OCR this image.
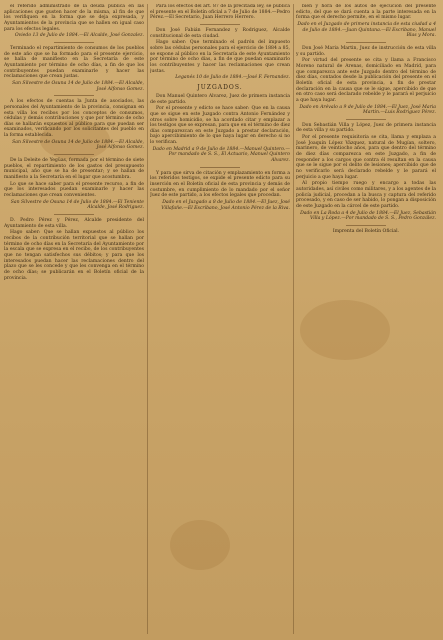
el referido administrado de la deuda pública en las aplicaciones que gusten hacer de la misma, al fin de que los verifiquen en la forma que se deja expresada, y Ayuntamientos de la provincia que se hallen en igual caso para los efectos legales.

Oviedo 13 de Julio de 1884.—El Alcalde, José Gonzalez.

Terminado el repartimiento de consumos de los pueblos de este año que se ha formado para el presente ejercicio, se halla de manifiesto en la Secretaría de este Ayuntamiento por término de ocho días, a fin de que los contribuyentes puedan examinarle y hacer las reclamaciones que crean justas.

San Silvestre de Osuna 14 de Julio de 1884.—El Alcalde, José Alfonso Gomez.

A los efectos de cuentas la Junta de asociados, las personales del Ayuntamiento de la provincia, consignan en esta villa los recibos por los conceptos de consumos, cédulas y demás contribuciones y que por término de ocho días se hallarán expuestos al público para que puedan ser examinados, verificando por los solicitantes del pueblo en la forma establecida.

San Silvestre de Osuna 14 de Julio de 1884.—El Alcalde, José Alfonso Gomez.

De la Deleite de Yegüas, formada por el término de siete pueblos, el repartimiento de los gastos del presupuesto municipal, año que se ha de presentar; y se hallan de manifiesto a la Secretaría en el lugar que acostumbra.

Lo que se hace saber para el presente recurso, a fin de que los interesados puedan examinarle y hacer las reclamaciones que crean convenientes.

San Silvestre de Osuna 14 de Julio de 1884.—El Teniente Alcalde, José Rodriguez.

D. Pedro Pérez y Pérez, Alcalde presidente del Ayuntamiento de esta villa.

Hago saber: Que se hallan expuestos al público los recibos de la contribución territorial que se hallan por término de ocho días en la Secretaría del Ayuntamiento por la escala que se expresa en el recibo, de los contribuyentes que no tengan satisfechos sus débitos; y para que los interesados puedan hacer las reclamaciones dentro del plazo que se les concede y que les convenga en el término de ocho días; se publicarán en el Boletín oficial de la provincia.

Para los efectos del art. 87 de la precitada ley, se publica el presente en el Boletín oficial a 7 de Julio de 1884.—Pedro Pérez.—El Secretario, Juan Herrero Herrero.

Don José Fabián Fernandez y Rodriguez, Alcalde constitucional de esta ciudad.

Hago saber: Que terminado el padrón del impuesto sobre las cédulas personales para el ejercicio de 1884 a 85, se expone al público en la Secretaría de este Ayuntamiento por término de ocho días, a fin de que puedan examinarlo los contribuyentes y hacer las reclamaciones que crean justas.

Leganés 10 de Julio de 1884.—José F. Fernandez.

JUZGADOS.

Don Manuel Quintero Alvarez, Juez de primera instancia de este partido.

Por el presente y edicto se hace saber: Que en la causa que se sigue en este Juzgado contra Antonio Fernández y otros sobre homicidio, se ha acordado citar y emplazar a los testigos que se expresan, para que en el término de diez días comparezcan en este Juzgado a prestar declaración, bajo apercibimiento de lo que haya lugar en derecho si no lo verifican.

Dado en Madrid a 9 de Julio de 1884.—Manuel Quintero.—Por mandado de S. S., El Actuario, Manuel Quintero Alvarez.

Y para que sirva de citación y emplazamiento en forma a los referidos testigos, se expide el presente edicto para su inserción en el Boletín oficial de esta provincia y demás de costumbre, en cumplimiento de lo mandado por el señor Juez de este partido, a los efectos legales que procedan.

Dado en el Juzgado a 8 de Julio de 1884.—El Juez, José Villafañe.—El Escribano, José Antonio Pérez de la Riva.

bien y hora de los autos de ejecución del presente edicto, del que se dará cuenta a la parte interesada en la forma que el derecho permite, en el mismo lugar.

Dado en el Juzgado de primera instancia de esta ciudad a 4 de Julio de 1884.—Juan Quintana.—El Escribano, Manuel Blas y Mora.

Don José Maria Martin, Juez de instrucción de esta villa y su partido.

Por virtud del presente se cita y llama a Francisco Moreno natural de Arenas, domiciliado en Madrid, para que comparezca ante este Juzgado dentro del término de diez días, contados desde la publicación del presente en el Boletín oficial de esta provincia, a fin de prestar declaración en la causa que se le sigue, apercibido de que en otro caso será declarado rebelde y le parará el perjuicio a que haya lugar.

Dado en Arévalo a 9 de Julio de 1884.—El Juez, José Maria Martin.—Luis Rodriguez Pérez.

Don Sebastián Villa y López, Juez de primera instancia de esta villa y su partido.

Por el presente requisitoria se cita, llama y emplaza a José Joaquín López Vázquez, natural de Mugían, soltero, marinero, de veintiocho años, para que dentro del término de diez días comparezca en este Juzgado, a fin de responder a los cargos que contra él resultan en la causa que se le sigue por el delito de lesiones; apercibido que de no verificarlo será declarado rebelde y le parará el perjuicio a que haya lugar.

Al propio tiempo ruego y encargo a todas las autoridades, así civiles como militares, y a los agentes de la policía judicial, procedan a la busca y captura del referido procesado, y en caso de ser habido, lo pongan a disposición de este Juzgado en la cárcel de este partido.

Dado en La Roda a 4 de Julio de 1884.—El Juez, Sebastián Villa y López.—Por mandado de S. S., Pedro González.

Imprenta del Boletín Oficial.
